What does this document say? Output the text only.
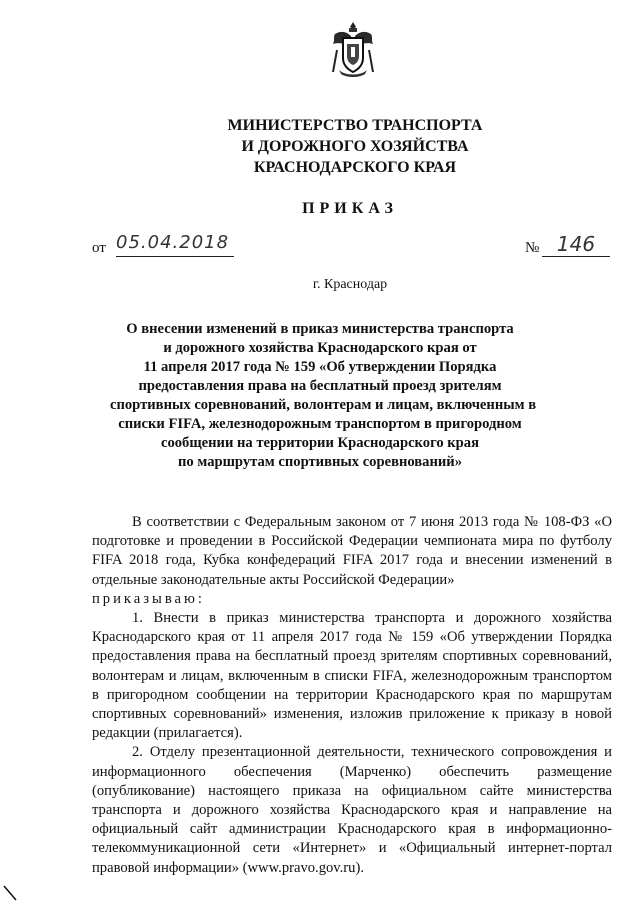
МИНИСТЕРСТВО ТРАНСПОРТА
И ДОРОЖНОГО ХОЗЯЙСТВА
КРАСНОДАРСКОГО КРАЯ
ПРИКАЗ
от 05.04.2018	№ 146
г. Краснодар
О внесении изменений в приказ министерства транспорта
и дорожного хозяйства Краснодарского края от
11 апреля 2017 года № 159 «Об утверждении Порядка
предоставления права на бесплатный проезд зрителям
спортивных соревнований, волонтерам и лицам, включенным в
списки FIFA, железнодорожным транспортом в пригородном
сообщении на территории Краснодарского края
по маршрутам спортивных соревнований»

В соответствии с Федеральным законом от 7 июня 2013 года № 108-ФЗ «О подготовке и проведении в Российской Федерации чемпионата мира по футболу FIFA 2018 года, Кубка конфедераций FIFA 2017 года и внесении изменений в отдельные законодательные акты Российской Федерации»

приказываю:

1. Внести в приказ министерства транспорта и дорожного хозяйства Краснодарского края от 11 апреля 2017 года № 159 «Об утверждении Порядка предоставления права на бесплатный проезд зрителям спортивных соревнований, волонтерам и лицам, включенным в списки FIFA, железнодорожным транспортом в пригородном сообщении на территории Краснодарского края по маршрутам спортивных соревнований» изменения, изложив приложение к приказу в новой редакции (прилагается).

2. Отделу презентационной деятельности, технического сопровождения и информационного обеспечения (Марченко) обеспечить размещение (опубликование) настоящего приказа на официальном сайте министерства транспорта и дорожного хозяйства Краснодарского края и направление на официальный сайт администрации Краснодарского края в информационно-телекоммуникационной сети «Интернет» и «Официальный интернет-портал правовой информации» (www.pravo.gov.ru).
